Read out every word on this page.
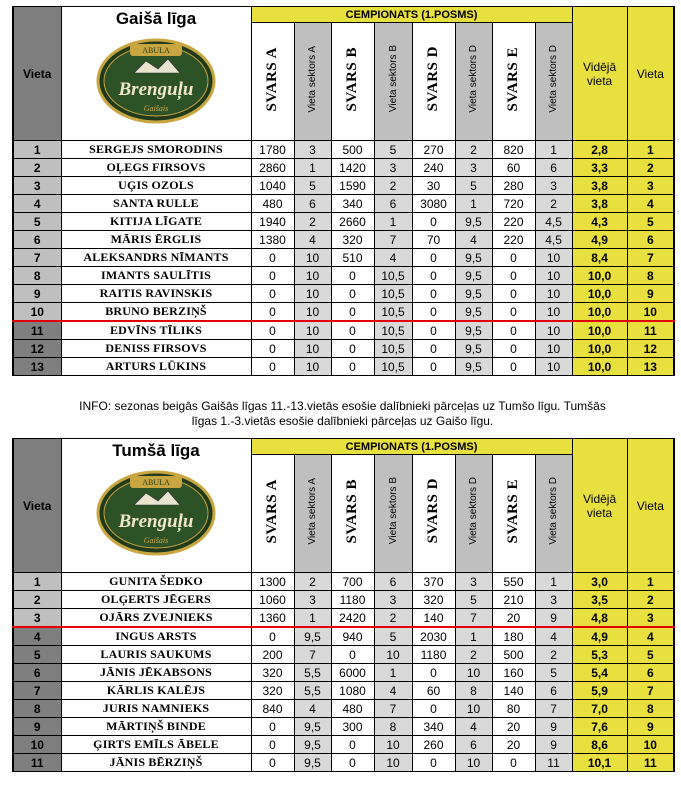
Vieta	Gaišā līga
ABULA
Brenguļu
Gaišais	CEMPIONATS (1.POSMS)								Vidējā vieta	Vieta
		SVARS A	Vieta sektors A	SVARS B	Vieta sektors B	SVARS D	Vieta sektors D	SVARS E	Vieta sektors D		
1	SERGEJS SMORODINS	1780	3	500	5	270	2	820	1	2,8	1
2	OĻEGS FIRSOVS	2860	1	1420	3	240	3	60	6	3,3	2
3	UĢIS OZOLS	1040	5	1590	2	30	5	280	3	3,8	3
4	SANTA RULLE	480	6	340	6	3080	1	720	2	3,8	4
5	KITIJA LĪGATE	1940	2	2660	1	0	9,5	220	4,5	4,3	5
6	MĀRIS ĒRGLIS	1380	4	320	7	70	4	220	4,5	4,9	6
7	ALEKSANDRS NĪMANTS	0	10	510	4	0	9,5	0	10	8,4	7
8	IMANTS SAULĪTIS	0	10	0	10,5	0	9,5	0	10	10,0	8
9	RAITIS RAVINSKIS	0	10	0	10,5	0	9,5	0	10	10,0	9
10	BRUNO BERZIŅŠ	0	10	0	10,5	0	9,5	0	10	10,0	10
11	EDVĪNS TĪLIKS	0	10	0	10,5	0	9,5	0	10	10,0	11
12	DENISS FIRSOVS	0	10	0	10,5	0	9,5	0	10	10,0	12
13	ARTURS LŪKINS	0	10	0	10,5	0	9,5	0	10	10,0	13
INFO: sezonas beigās Gaišās līgas 11.-13.vietās esošie dalībnieki pārceļas uz Tumšo līgu. Tumšās
līgas 1.-3.vietās esošie dalībnieki pārceļas uz Gaišo līgu.
Vieta	Tumšā līga
ABULA
Brenguļu
Gaišais	CEMPIONATS (1.POSMS)								Vidējā vieta	Vieta
		SVARS A	Vieta sektors A	SVARS B	Vieta sektors B	SVARS D	Vieta sektors D	SVARS E	Vieta sektors D		
1	GUNITA ŠEDKO	1300	2	700	6	370	3	550	1	3,0	1
2	OLĢERTS JĒGERS	1060	3	1180	3	320	5	210	3	3,5	2
3	OJĀRS ZVEJNIEKS	1360	1	2420	2	140	7	20	9	4,8	3
4	INGUS ARSTS	0	9,5	940	5	2030	1	180	4	4,9	4
5	LAURIS SAUKUMS	200	7	0	10	1180	2	500	2	5,3	5
6	JĀNIS JĒKABSONS	320	5,5	6000	1	0	10	160	5	5,4	6
7	KĀRLIS KALĒJS	320	5,5	1080	4	60	8	140	6	5,9	7
8	JURIS NAMNIEKS	840	4	480	7	0	10	80	7	7,0	8
9	MĀRTIŅŠ BINDE	0	9,5	300	8	340	4	20	9	7,6	9
10	ĢIRTS EMĪLS ĀBELE	0	9,5	0	10	260	6	20	9	8,6	10
11	JĀNIS BĒRZIŅŠ	0	9,5	0	10	0	10	0	11	10,1	11
